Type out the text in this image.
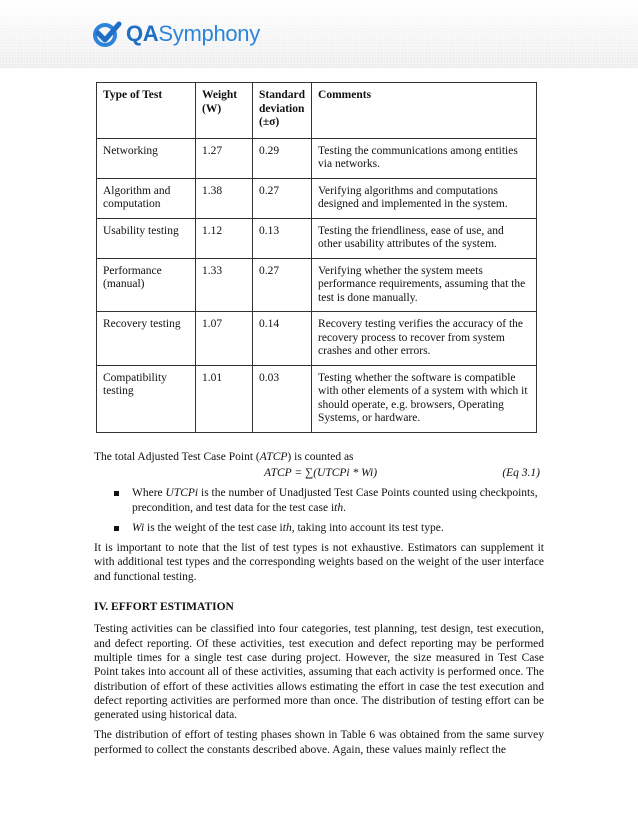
QASymphony
Type of Test	Weight (W)	Standard deviation (±σ)	Comments
Networking	1.27	0.29	Testing the communications among entities via networks.
Algorithm and computation	1.38	0.27	Verifying algorithms and computations designed and implemented in the system.
Usability testing	1.12	0.13	Testing the friendliness, ease of use, and other usability attributes of the system.
Performance (manual)	1.33	0.27	Verifying whether the system meets performance requirements, assuming that the test is done manually.
Recovery testing	1.07	0.14	Recovery testing verifies the accuracy of the recovery process to recover from system crashes and other errors.
Compatibility testing	1.01	0.03	Testing whether the software is compatible with other elements of a system with which it should operate, e.g. browsers, Operating Systems, or hardware.

The total Adjusted Test Case Point (ATCP) is counted as

ATCP = ∑(UTCPi * Wi)	(Eq 3.1)

Where UTCPi is the number of Unadjusted Test Case Points counted using checkpoints, precondition, and test data for the test case ith.

Wi is the weight of the test case ith, taking into account its test type.

It is important to note that the list of test types is not exhaustive. Estimators can supplement it with additional test types and the corresponding weights based on the weight of the user interface and functional testing.

IV. EFFORT ESTIMATION

Testing activities can be classified into four categories, test planning, test design, test execution, and defect reporting. Of these activities, test execution and defect reporting may be performed multiple times for a single test case during project. However, the size measured in Test Case Point takes into account all of these activities, assuming that each activity is performed once. The distribution of effort of these activities allows estimating the effort in case the test execution and defect reporting activities are performed more than once. The distribution of testing effort can be generated using historical data.

The distribution of effort of testing phases shown in Table 6 was obtained from the same survey performed to collect the constants described above. Again, these values mainly reflect the
